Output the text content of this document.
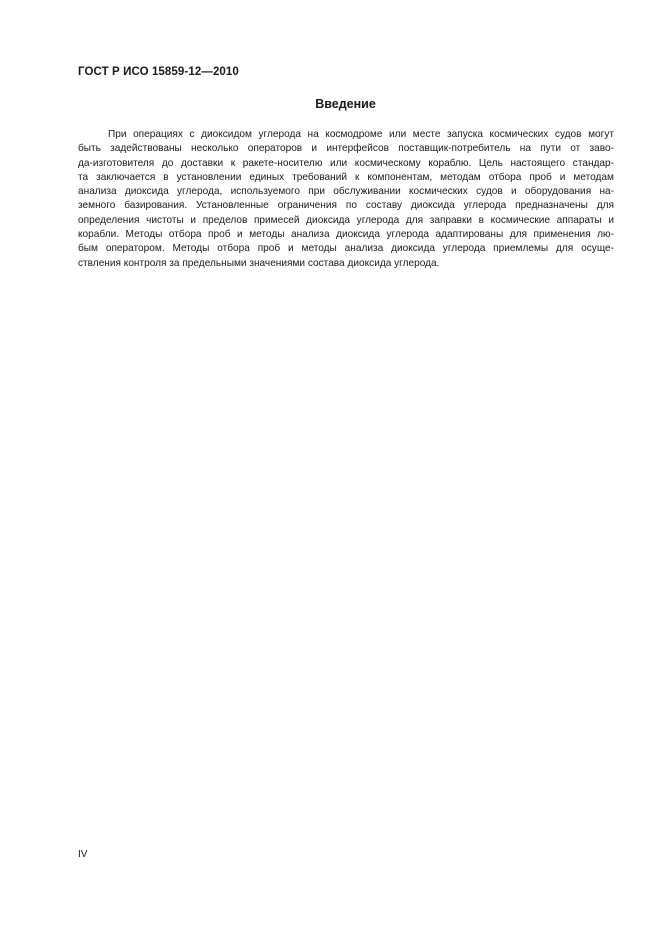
ГОСТ Р ИСО 15859-12—2010
Введение
При операциях с диоксидом углерода на космодроме или месте запуска космических судов могут
быть задействованы несколько операторов и интерфейсов поставщик-потребитель на пути от заво-
да-изготовителя до доставки к ракете-носителю или космическому кораблю. Цель настоящего стандар-
та заключается в установлении единых требований к компонентам, методам отбора проб и методам
анализа диоксида углерода, используемого при обслуживании космических судов и оборудования на-
земного базирования. Установленные ограничения по составу диоксида углерода предназначены для
определения чистоты и пределов примесей диоксида углерода для заправки в космические аппараты и
корабли. Методы отбора проб и методы анализа диоксида углерода адаптированы для применения лю-
бым оператором. Методы отбора проб и методы анализа диоксида углерода приемлемы для осуще-
ствления контроля за предельными значениями состава диоксида углерода.
IV
